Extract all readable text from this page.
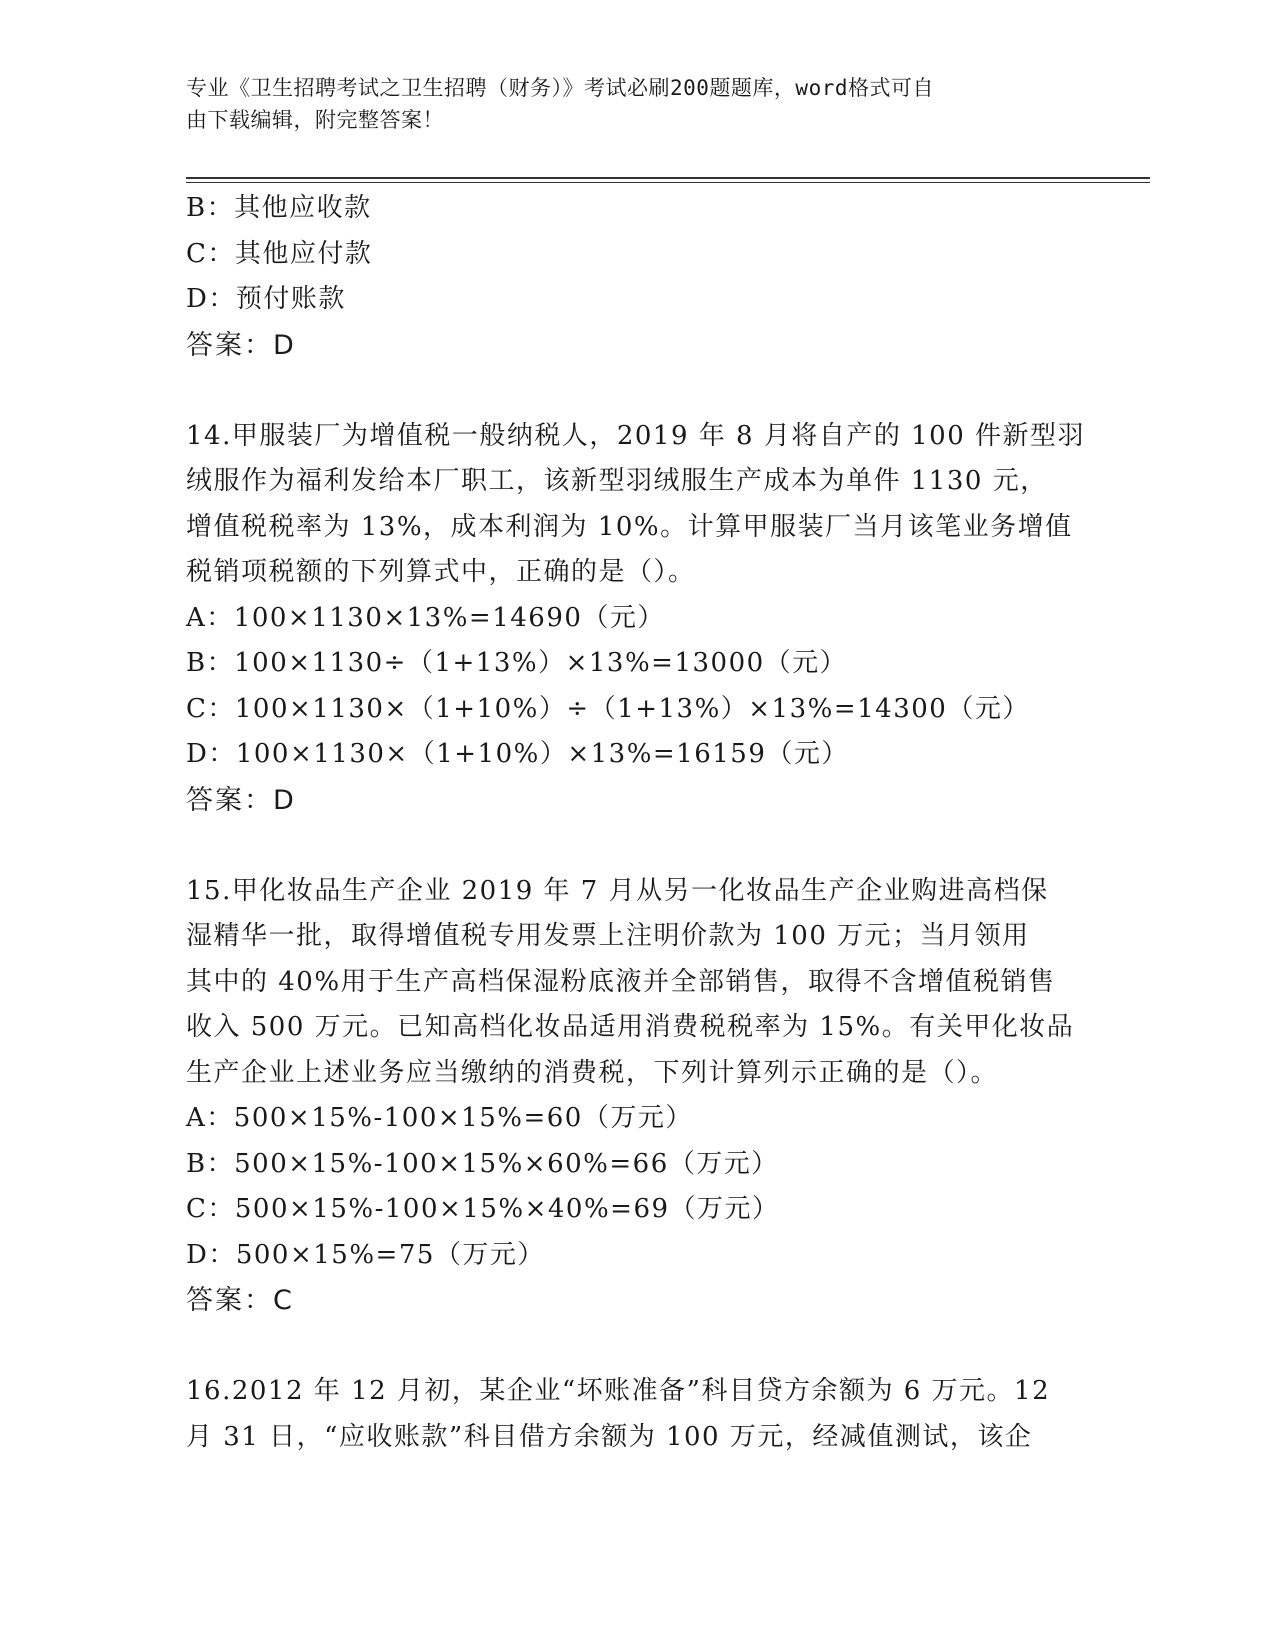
专业《卫生招聘考试之卫生招聘（财务）》考试必刷200题题库，word格式可自
由下载编辑，附完整答案！
B：其他应收款
C：其他应付款
D：预付账款
答案：D
14.甲服装厂为增值税一般纳税人，2019 年 8 月将自产的 100 件新型羽
绒服作为福利发给本厂职工，该新型羽绒服生产成本为单件 1130 元，
增值税税率为 13%，成本利润为 10%。计算甲服装厂当月该笔业务增值
税销项税额的下列算式中，正确的是（）。
A：100×1130×13%=14690（元）
B：100×1130÷（1+13%）×13%=13000（元）
C：100×1130×（1+10%）÷（1+13%）×13%=14300（元）
D：100×1130×（1+10%）×13%=16159（元）
答案：D
15.甲化妆品生产企业 2019 年 7 月从另一化妆品生产企业购进高档保
湿精华一批，取得增值税专用发票上注明价款为 100 万元；当月领用
其中的 40%用于生产高档保湿粉底液并全部销售，取得不含增值税销售
收入 500 万元。已知高档化妆品适用消费税税率为 15%。有关甲化妆品
生产企业上述业务应当缴纳的消费税，下列计算列示正确的是（）。
A：500×15%-100×15%=60（万元）
B：500×15%-100×15%×60%=66（万元）
C：500×15%-100×15%×40%=69（万元）
D：500×15%=75（万元）
答案：C
16.2012 年 12 月初，某企业“坏账准备”科目贷方余额为 6 万元。12
月 31 日，“应收账款”科目借方余额为 100 万元，经减值测试，该企
